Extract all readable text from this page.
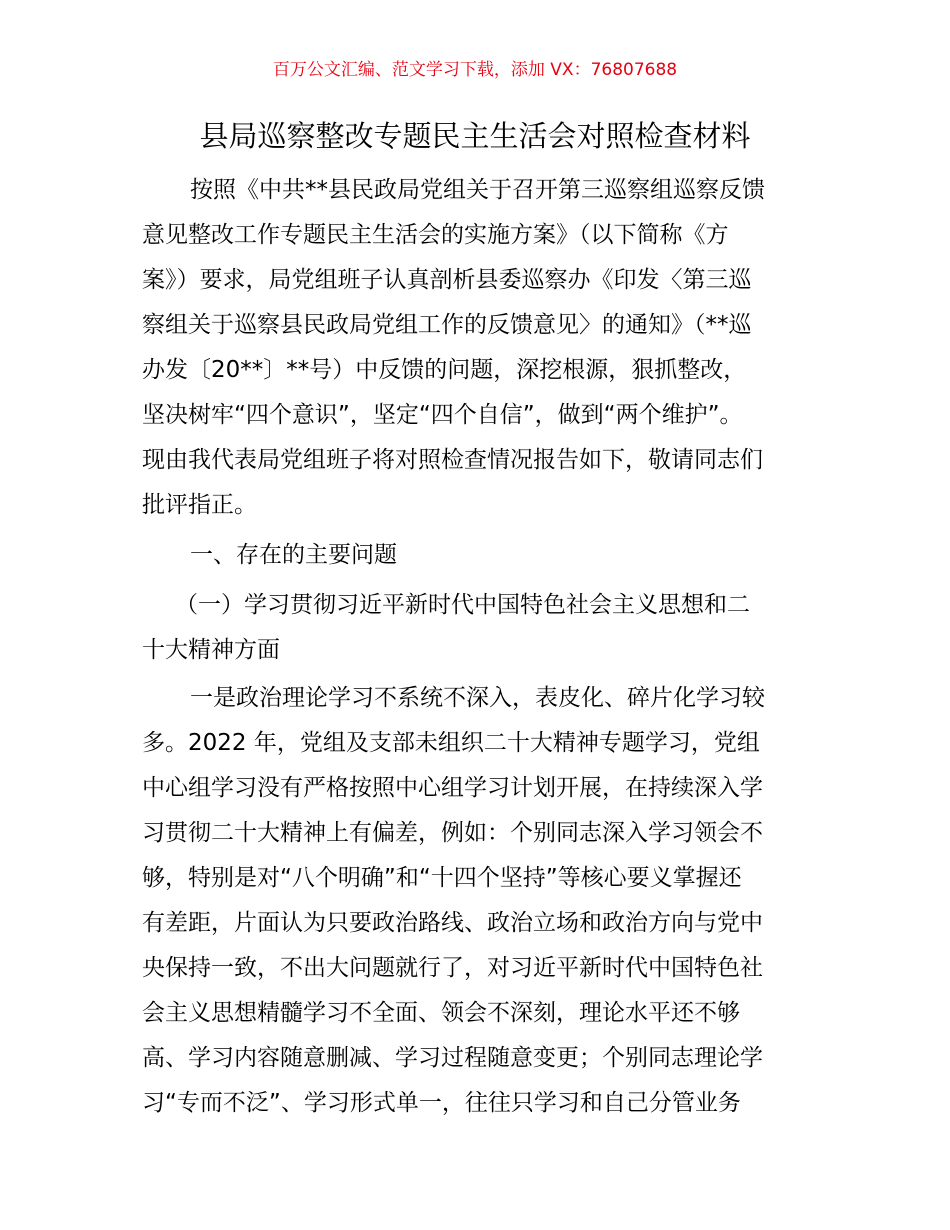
百万公文汇编、范文学习下载，添加 VX：76807688
县局巡察整改专题民主生活会对照检查材料
按照《中共**县民政局党组关于召开第三巡察组巡察反馈
意见整改工作专题民主生活会的实施方案》（以下简称《方
案》）要求，局党组班子认真剖析县委巡察办《印发〈第三巡
察组关于巡察县民政局党组工作的反馈意见〉的通知》（**巡
办发〔20**〕**号）中反馈的问题，深挖根源，狠抓整改，
坚决树牢“四个意识”，坚定“四个自信”，做到“两个维护”。
现由我代表局党组班子将对照检查情况报告如下，敬请同志们
批评指正。
一、存在的主要问题
（一）学习贯彻习近平新时代中国特色社会主义思想和二
十大精神方面
一是政治理论学习不系统不深入，表皮化、碎片化学习较
多。2022 年，党组及支部未组织二十大精神专题学习，党组
中心组学习没有严格按照中心组学习计划开展，在持续深入学
习贯彻二十大精神上有偏差，例如：个别同志深入学习领会不
够，特别是对“八个明确”和“十四个坚持”等核心要义掌握还
有差距，片面认为只要政治路线、政治立场和政治方向与党中
央保持一致，不出大问题就行了，对习近平新时代中国特色社
会主义思想精髓学习不全面、领会不深刻，理论水平还不够
高、学习内容随意删减、学习过程随意变更；个别同志理论学
习“专而不泛”、学习形式单一，往往只学习和自己分管业务
